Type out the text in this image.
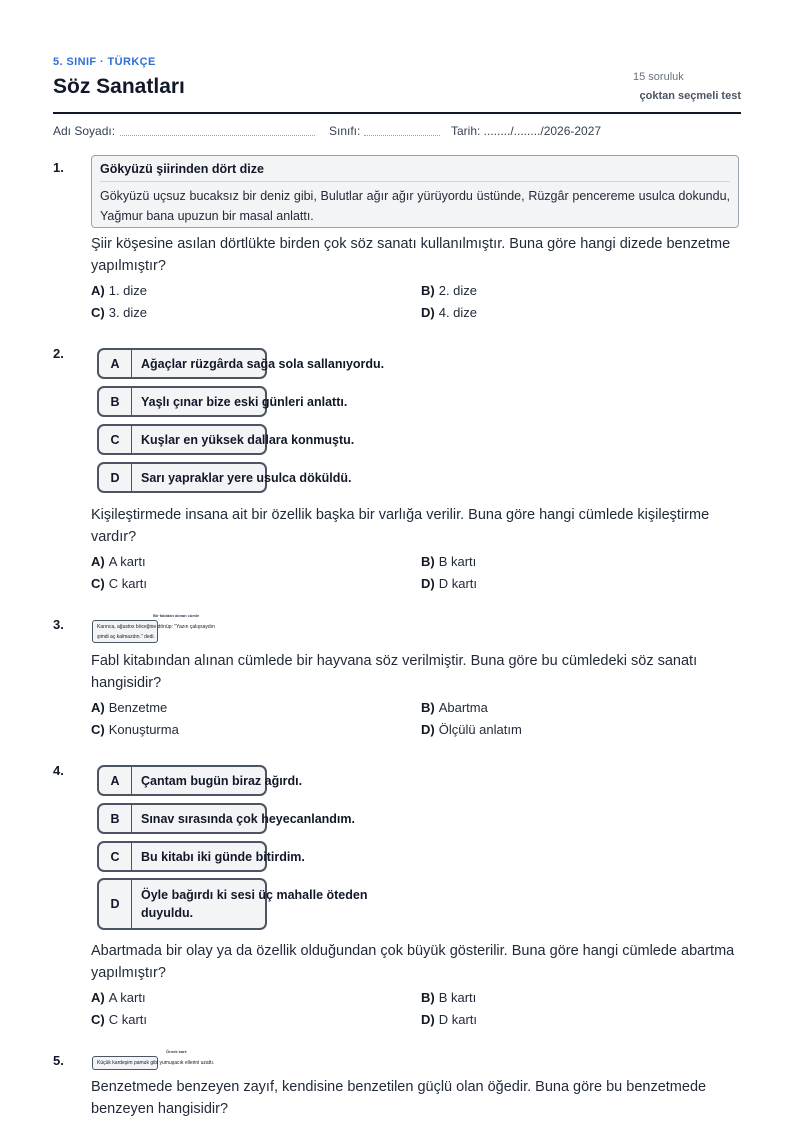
5. SINIF · TÜRKÇE
Söz Sanatları	15 soruluk
çoktan seçmeli test
Adı Soyadı:	Sınıfı:	Tarih: ......../......../2026-2027
1.	Gökyüzü şiirinden dört dize
Gökyüzü uçsuz bucaksız bir deniz gibi, Bulutlar ağır ağır yürüyordu üstünde, Rüzgâr pencereme usulca dokundu, Yağmur bana upuzun bir masal anlattı.
Şiir köşesine asılan dörtlükte birden çok söz sanatı kullanılmıştır. Buna göre hangi dizede benzetme yapılmıştır?
A) 1. dize	B) 2. dize
C) 3. dize	D) 4. dize
2.
A	Ağaçlar rüzgârda sağa sola sallanıyordu.
B	Yaşlı çınar bize eski günleri anlattı.
C	Kuşlar en yüksek dallara konmuştu.
D	Sarı yapraklar yere usulca döküldü.
Kişileştirmede insana ait bir özellik başka bir varlığa verilir. Buna göre hangi cümlede kişileştirme vardır?
A) A kartı	B) B kartı
C) C kartı	D) D kartı
3.
Bir fabldan alınan cümle
Karınca, ağustos böceğine dönüp: "Yazın çalışsaydın
şimdi aç kalmazdın." dedi.
Fabl kitabından alınan cümlede bir hayvana söz verilmiştir. Buna göre bu cümledeki söz sanatı hangisidir?
A) Benzetme	B) Abartma
C) Konuşturma	D) Ölçülü anlatım
4.
A	Çantam bugün biraz ağırdı.
B	Sınav sırasında çok heyecanlandım.
C	Bu kitabı iki günde bitirdim.
D
Öyle bağırdı ki sesi üç mahalle öteden
duyuldu.
Abartmada bir olay ya da özellik olduğundan çok büyük gösterilir. Buna göre hangi cümlede abartma yapılmıştır?
A) A kartı	B) B kartı
C) C kartı	D) D kartı
5.
Örnek kart:
Küçük kardeşim pamuk gibi yumuşacık ellerini uzattı.
Benzetmede benzeyen zayıf, kendisine benzetilen güçlü olan öğedir. Buna göre bu benzetmede benzeyen hangisidir?
